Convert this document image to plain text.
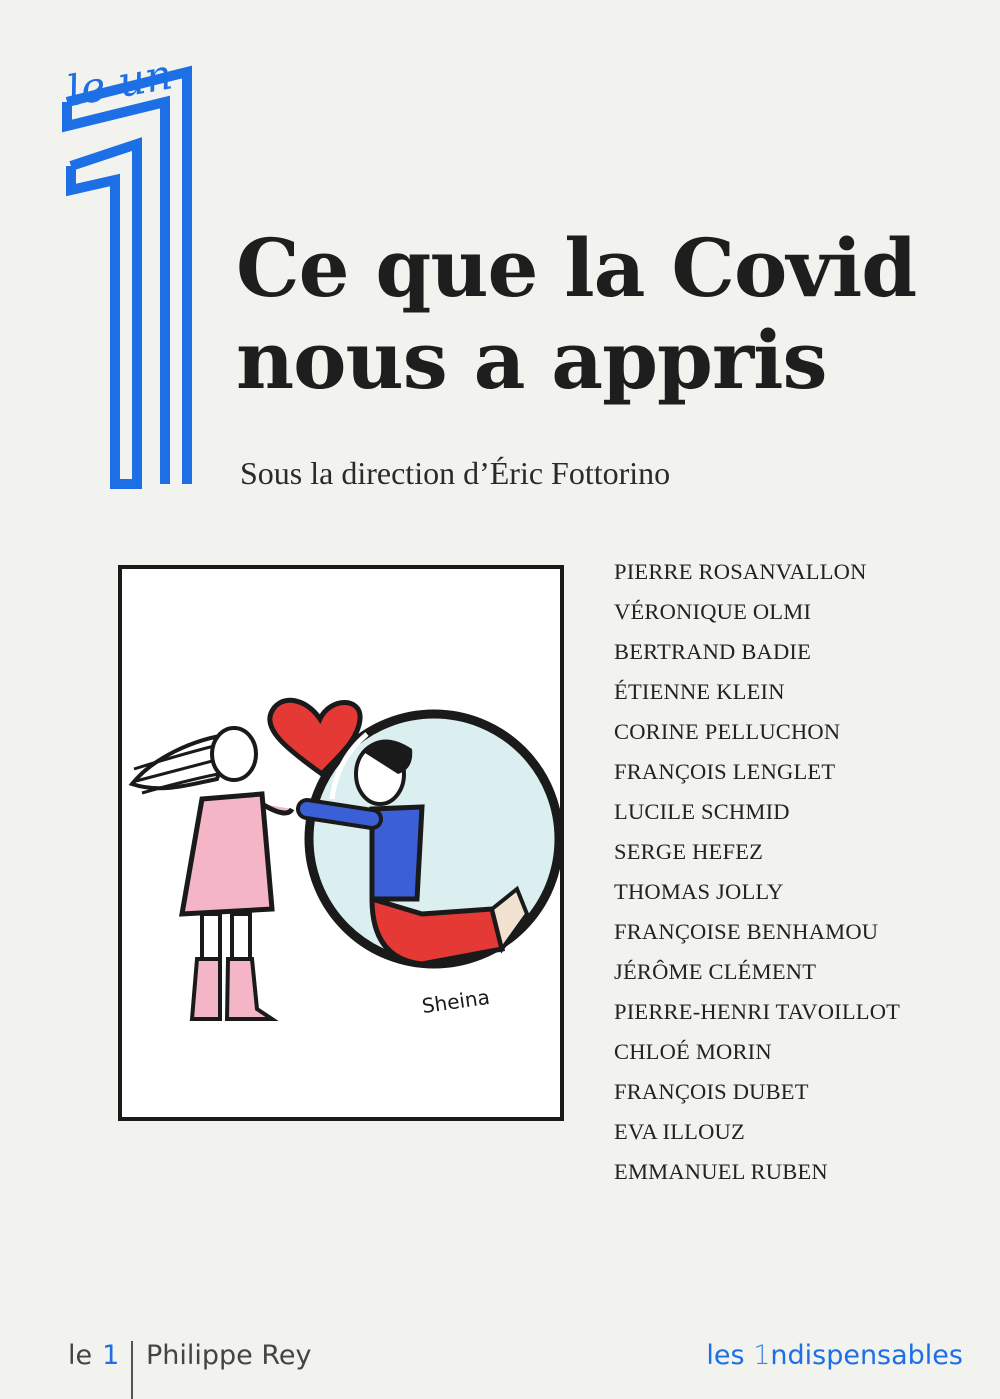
le un
Ce que la Covid
nous a appris
Sous la direction d’Éric Fottorino
Sheina
PIERRE ROSANVALLON
VÉRONIQUE OLMI
BERTRAND BADIE
ÉTIENNE KLEIN
CORINE PELLUCHON
FRANÇOIS LENGLET
LUCILE SCHMID
SERGE HEFEZ
THOMAS JOLLY
FRANÇOISE BENHAMOU
JÉRÔME CLÉMENT
PIERRE-HENRI TAVOILLOT
CHLOÉ MORIN
FRANÇOIS DUBET
EVA ILLOUZ
EMMANUEL RUBEN
le 1 Philippe Rey	les 1ndispensables
